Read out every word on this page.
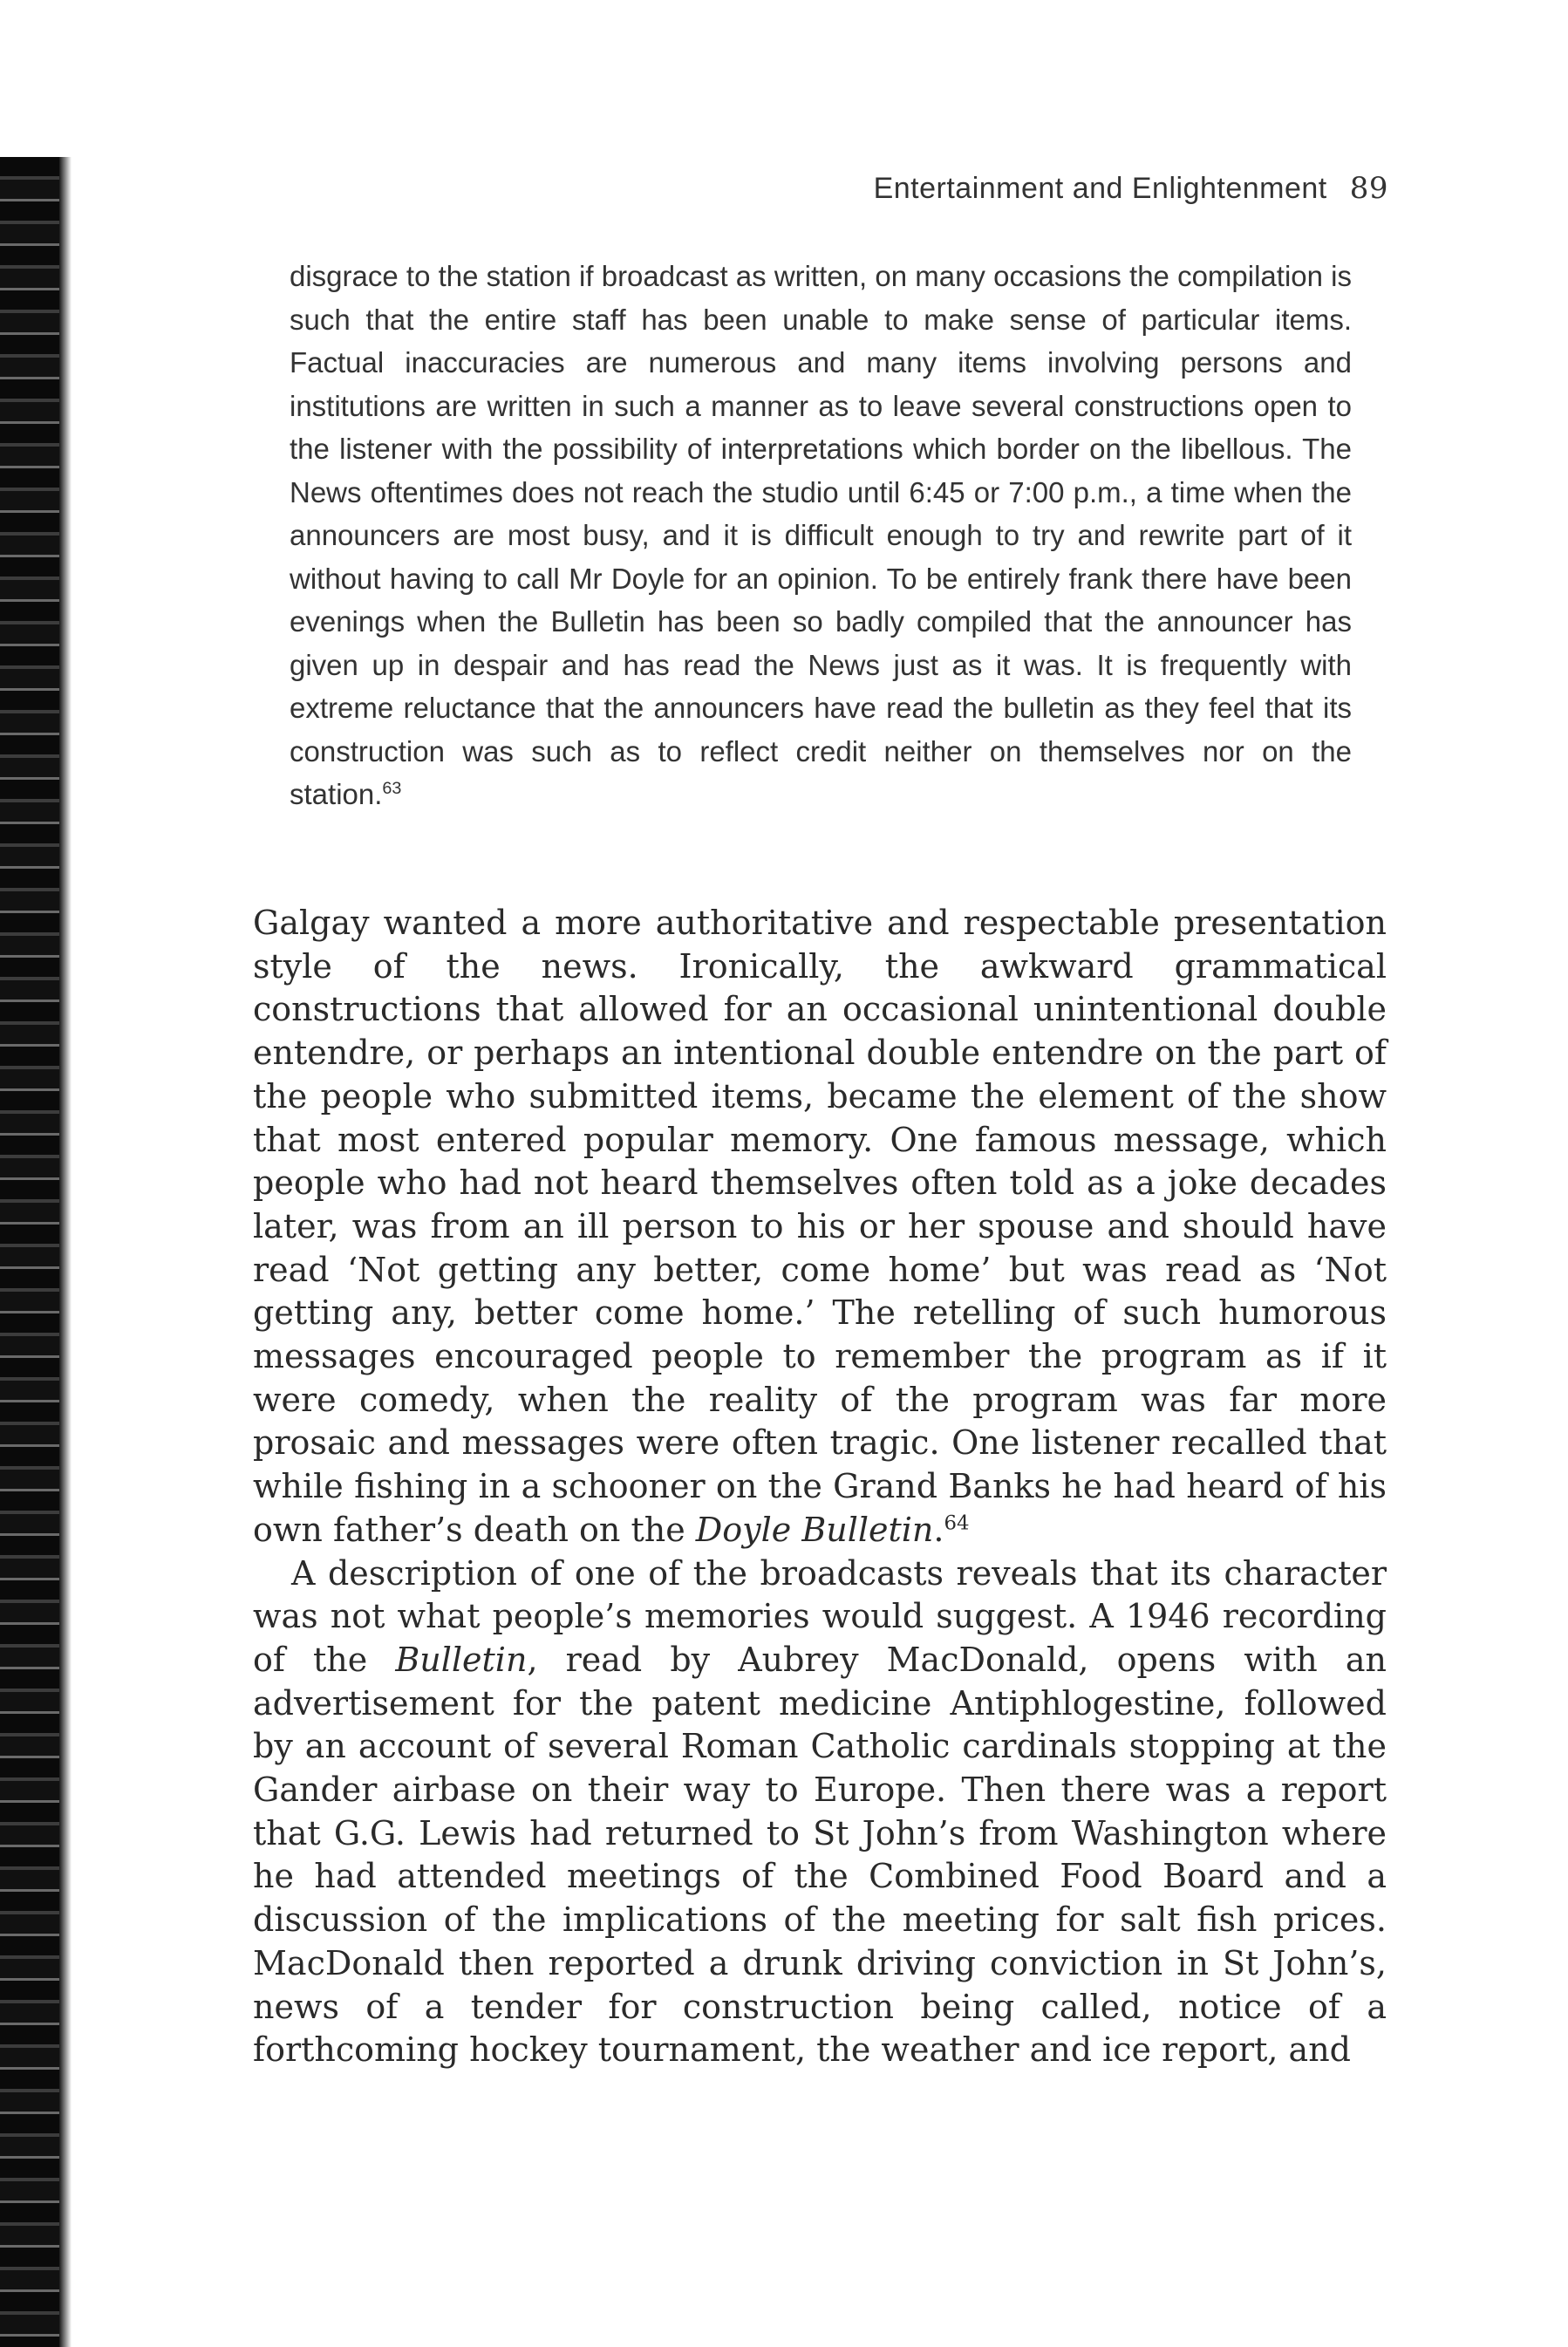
Entertainment and Enlightenment 89

disgrace to the station if broadcast as written, on many occasions the compilation is such that the entire staff has been unable to make sense of particular items. Factual inaccuracies are numerous and many items involving persons and institutions are written in such a manner as to leave several constructions open to the listener with the possibility of interpretations which border on the libellous. The News oftentimes does not reach the studio until 6:45 or 7:00 p.m., a time when the announcers are most busy, and it is difficult enough to try and rewrite part of it without having to call Mr Doyle for an opinion. To be entirely frank there have been evenings when the Bulletin has been so badly compiled that the announcer has given up in despair and has read the News just as it was. It is frequently with extreme reluctance that the announcers have read the bulletin as they feel that its construction was such as to reflect credit neither on themselves nor on the station.$^{63}$

Galgay wanted a more authoritative and respectable presentation style of the news. Ironically, the awkward grammatical constructions that allowed for an occasional unintentional double entendre, or perhaps an intentional double entendre on the part of the people who submitted items, became the element of the show that most entered popular memory. One famous message, which people who had not heard themselves often told as a joke decades later, was from an ill person to his or her spouse and should have read ‘Not getting any better, come home’ but was read as ‘Not getting any, better come home.’ The retelling of such humorous messages encouraged people to remember the program as if it were comedy, when the reality of the program was far more prosaic and messages were often tragic. One listener recalled that while fishing in a schooner on the Grand Banks he had heard of his own father’s death on the Doyle Bulletin.$^{64}$

A description of one of the broadcasts reveals that its character was not what people’s memories would suggest. A 1946 recording of the Bulletin, read by Aubrey MacDonald, opens with an advertisement for the patent medicine Antiphlogestine, followed by an account of several Roman Catholic cardinals stopping at the Gander airbase on their way to Europe. Then there was a report that G.G. Lewis had returned to St John’s from Washington where he had attended meetings of the Combined Food Board and a discussion of the implications of the meeting for salt fish prices. MacDonald then reported a drunk driving conviction in St John’s, news of a tender for construction being called, notice of a forthcoming hockey tournament, the weather and ice report, and
